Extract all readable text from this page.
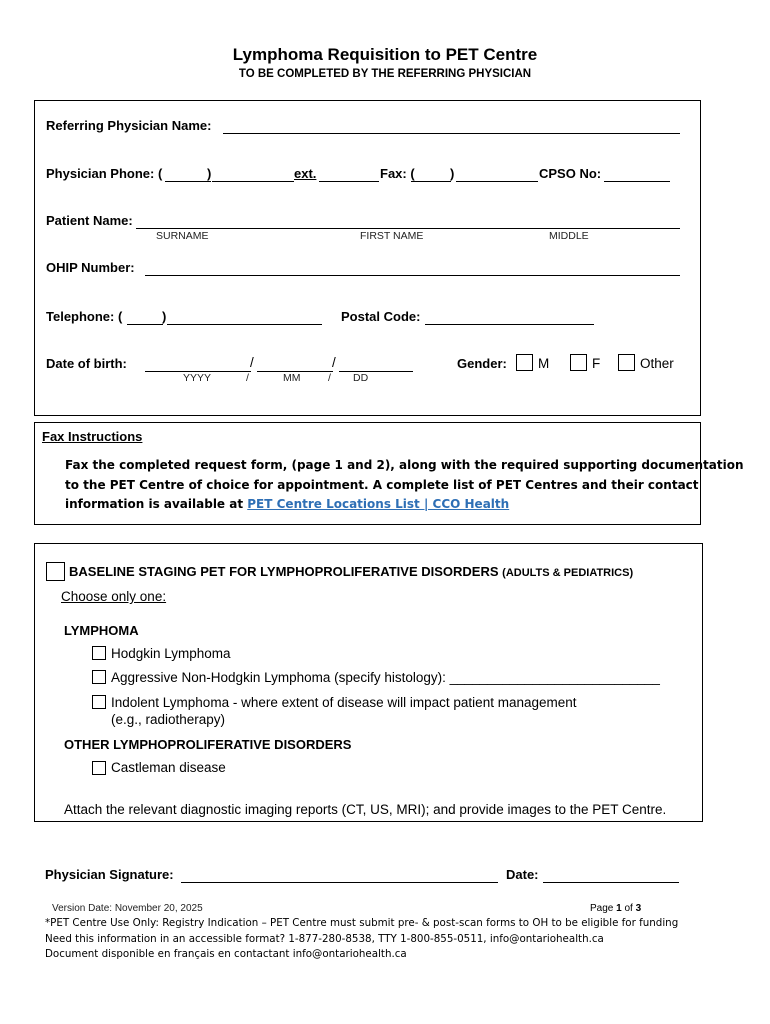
Lymphoma Requisition to PET Centre
TO BE COMPLETED BY THE REFERRING PHYSICIAN
Referring Physician Name:
Physician Phone: (	)	ext.	Fax: (	)	CPSO No:
Patient Name:
SURNAME	FIRST NAME	MIDDLE
OHIP Number:
Telephone: (	)	Postal Code:
Date of birth:	/	/
YYYY	/	MM	/ DD
Gender: M	F	Other
Fax Instructions
Fax the completed request form, (page 1 and 2), along with the required supporting documentation
to the PET Centre of choice for appointment. A complete list of PET Centres and their contact
information is available at PET Centre Locations List | CCO Health
BASELINE STAGING PET FOR LYMPHOPROLIFERATIVE DISORDERS (ADULTS & PEDIATRICS)
Choose only one:
LYMPHOMA
Hodgkin Lymphoma
Aggressive Non-Hodgkin Lymphoma (specify histology): ____________________________
Indolent Lymphoma - where extent of disease will impact patient management
(e.g., radiotherapy)
OTHER LYMPHOPROLIFERATIVE DISORDERS
Castleman disease
Attach the relevant diagnostic imaging reports (CT, US, MRI); and provide images to the PET Centre.
Physician Signature:	Date:
Version Date: November 20, 2025	Page 1 of 3
*PET Centre Use Only: Registry Indication – PET Centre must submit pre- & post-scan forms to OH to be eligible for funding
Need this information in an accessible format? 1-877-280-8538, TTY 1-800-855-0511, info@ontariohealth.ca
Document disponible en français en contactant info@ontariohealth.ca
